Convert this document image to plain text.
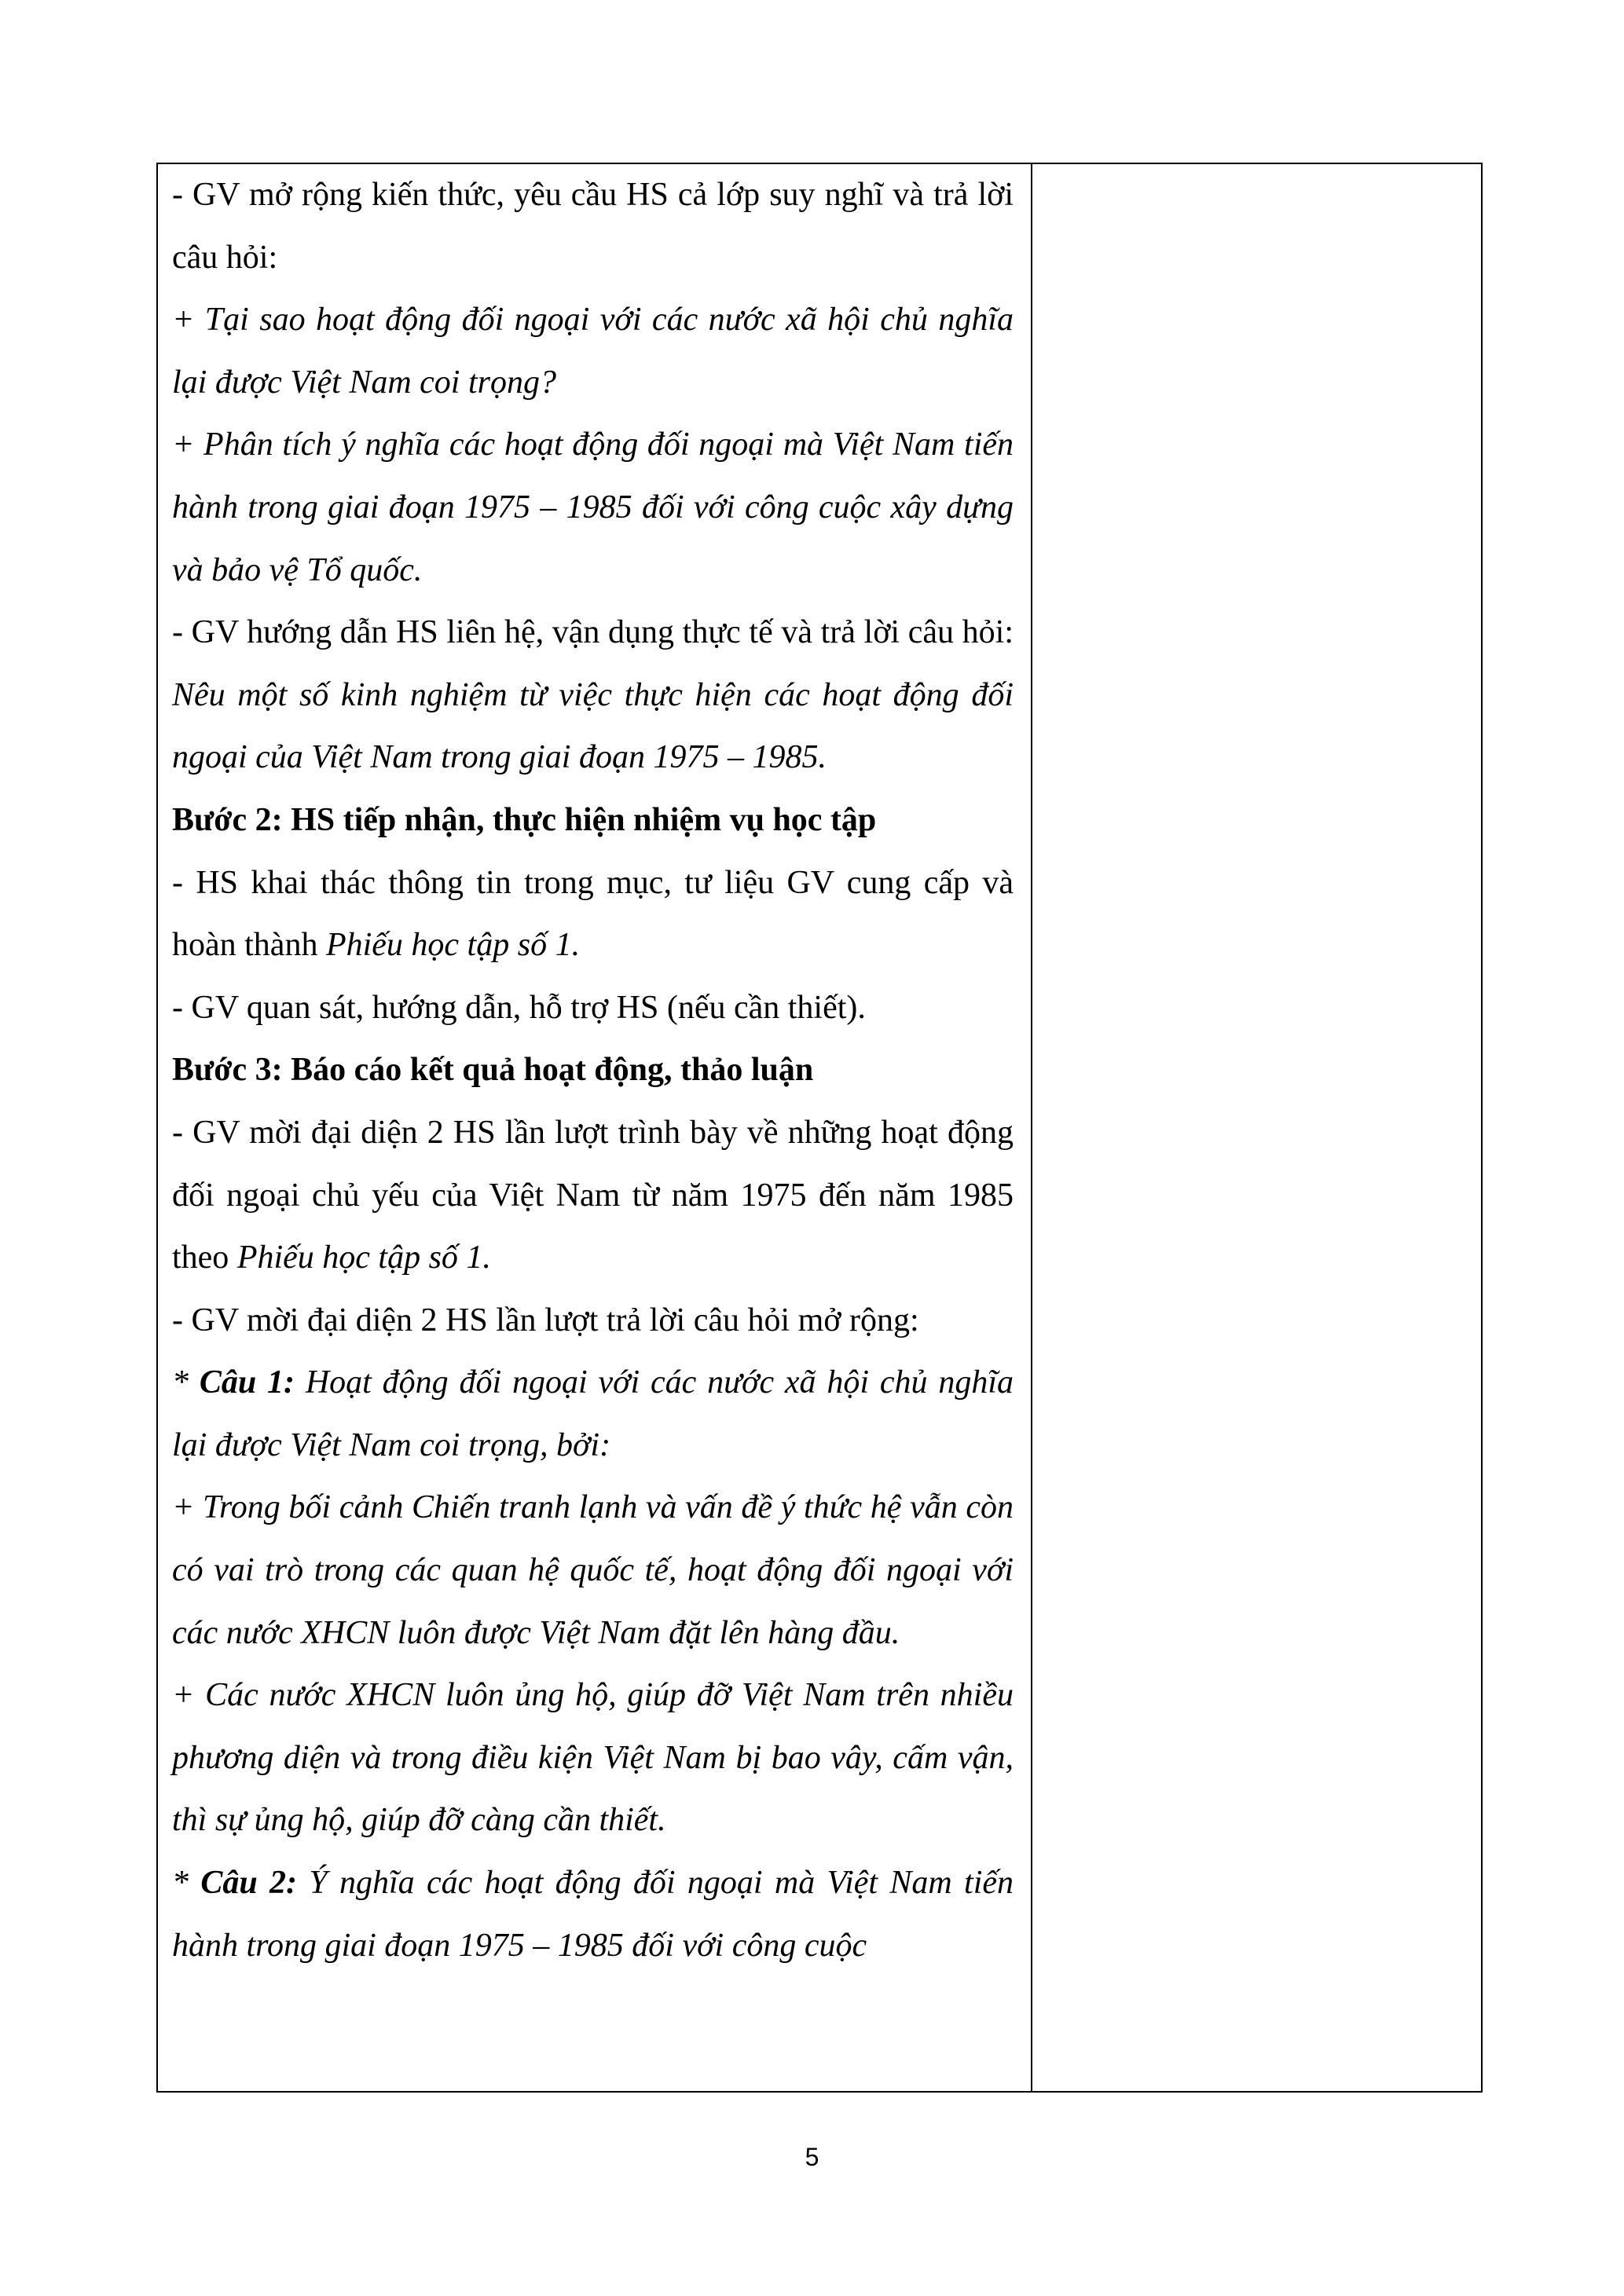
- GV mở rộng kiến thức, yêu cầu HS cả lớp suy nghĩ và trả lời câu hỏi:

+ Tại sao hoạt động đối ngoại với các nước xã hội chủ nghĩa lại được Việt Nam coi trọng?

+ Phân tích ý nghĩa các hoạt động đối ngoại mà Việt Nam tiến hành trong giai đoạn 1975 – 1985 đối với công cuộc xây dựng và bảo vệ Tổ quốc.

- GV hướng dẫn HS liên hệ, vận dụng thực tế và trả lời câu hỏi: Nêu một số kinh nghiệm từ việc thực hiện các hoạt động đối ngoại của Việt Nam trong giai đoạn 1975 – 1985.

Bước 2: HS tiếp nhận, thực hiện nhiệm vụ học tập

- HS khai thác thông tin trong mục, tư liệu GV cung cấp và hoàn thành Phiếu học tập số 1.

- GV quan sát, hướng dẫn, hỗ trợ HS (nếu cần thiết).

Bước 3: Báo cáo kết quả hoạt động, thảo luận

- GV mời đại diện 2 HS lần lượt trình bày về những hoạt động đối ngoại chủ yếu của Việt Nam từ năm 1975 đến năm 1985 theo Phiếu học tập số 1.

- GV mời đại diện 2 HS lần lượt trả lời câu hỏi mở rộng:

* Câu 1: Hoạt động đối ngoại với các nước xã hội chủ nghĩa lại được Việt Nam coi trọng, bởi:

+ Trong bối cảnh Chiến tranh lạnh và vấn đề ý thức hệ vẫn còn có vai trò trong các quan hệ quốc tế, hoạt động đối ngoại với các nước XHCN luôn được Việt Nam đặt lên hàng đầu.

+ Các nước XHCN luôn ủng hộ, giúp đỡ Việt Nam trên nhiều phương diện và trong điều kiện Việt Nam bị bao vây, cấm vận, thì sự ủng hộ, giúp đỡ càng cần thiết.

* Câu 2: Ý nghĩa các hoạt động đối ngoại mà Việt Nam tiến hành trong giai đoạn 1975 – 1985 đối với công cuộc

5
